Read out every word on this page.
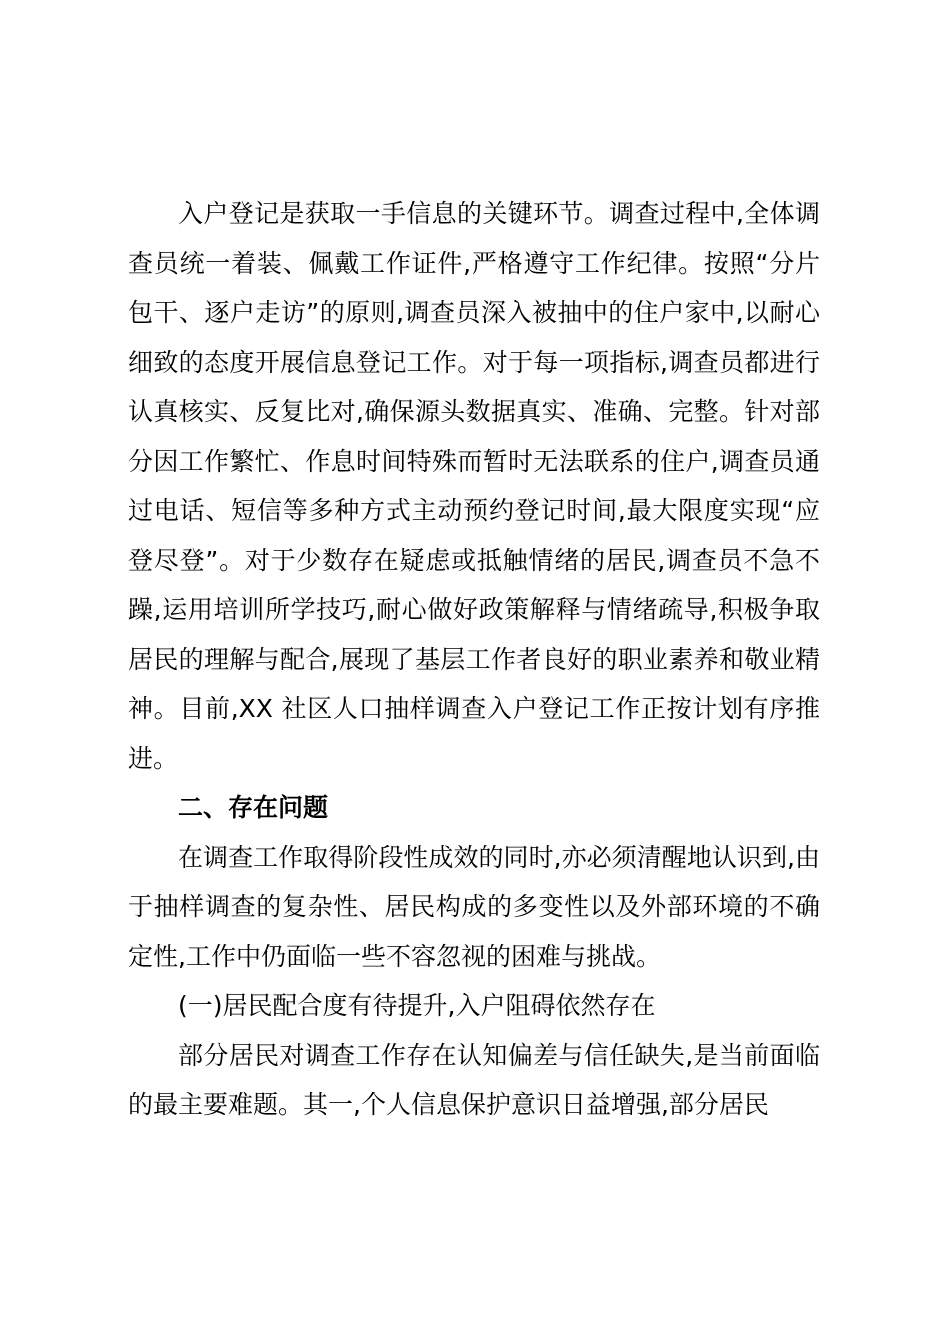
入户登记是获取一手信息的关键环节。调查过程中,全体调查员统一着装、佩戴工作证件,严格遵守工作纪律。按照“分片包干、逐户走访”的原则,调查员深入被抽中的住户家中,以耐心细致的态度开展信息登记工作。对于每一项指标,调查员都进行认真核实、反复比对,确保源头数据真实、准确、完整。针对部分因工作繁忙、作息时间特殊而暂时无法联系的住户,调查员通过电话、短信等多种方式主动预约登记时间,最大限度实现“应登尽登”。对于少数存在疑虑或抵触情绪的居民,调查员不急不躁,运用培训所学技巧,耐心做好政策解释与情绪疏导,积极争取居民的理解与配合,展现了基层工作者良好的职业素养和敬业精神。目前,XX 社区人口抽样调查入户登记工作正按计划有序推进。

二、存在问题

在调查工作取得阶段性成效的同时,亦必须清醒地认识到,由于抽样调查的复杂性、居民构成的多变性以及外部环境的不确定性,工作中仍面临一些不容忽视的困难与挑战。

(一)居民配合度有待提升,入户阻碍依然存在

部分居民对调查工作存在认知偏差与信任缺失,是当前面临的最主要难题。其一,个人信息保护意识日益增强,部分居民
